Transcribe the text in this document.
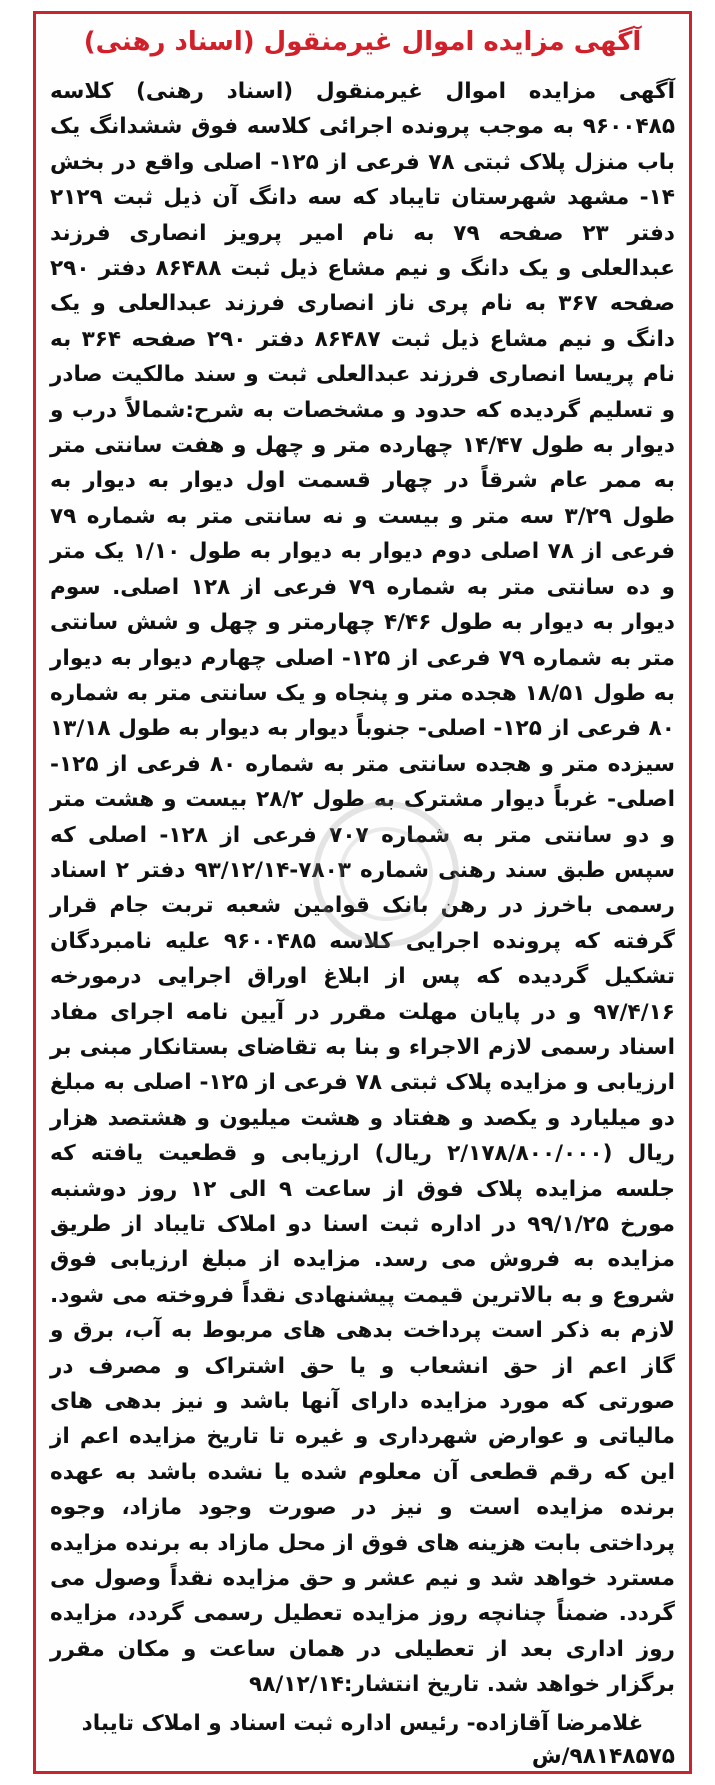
آگهی مزایده اموال غیرمنقول (اسناد رهنی)

آگهی مزایده اموال غیرمنقول (اسناد رهنی) کلاسه ۹۶۰۰۴۸۵ به موجب پرونده اجرائی کلاسه فوق ششدانگ یک باب منزل پلاک ثبتی ۷۸ فرعی از ۱۲۵- اصلی واقع در بخش ۱۴- مشهد شهرستان تایباد که سه دانگ آن ذیل ثبت ۲۱۲۹ دفتر ۲۳ صفحه ۷۹ به نام امیر پرویز انصاری فرزند عبدالعلی و یک دانگ و نیم مشاع ذیل ثبت ۸۶۴۸۸ دفتر ۲۹۰ صفحه ۳۶۷ به نام پری ناز انصاری فرزند عبدالعلی و یک دانگ و نیم مشاع ذیل ثبت ۸۶۴۸۷ دفتر ۲۹۰ صفحه ۳۶۴ به نام پریسا انصاری فرزند عبدالعلی ثبت و سند مالکیت صادر و تسلیم گردیده که حدود و مشخصات به شرح:شمالاً درب و دیوار به طول ۱۴/۴۷ چهارده متر و چهل و هفت سانتی متر به ممر عام شرقاً در چهار قسمت اول دیوار به دیوار به طول ۳/۲۹ سه متر و بیست و نه سانتی متر به شماره ۷۹ فرعی از ۷۸ اصلی دوم دیوار به دیوار به طول ۱/۱۰ یک متر و ده سانتی متر به شماره ۷۹ فرعی از ۱۲۸ اصلی. سوم دیوار به دیوار به طول ۴/۴۶ چهارمتر و چهل و شش سانتی متر به شماره ۷۹ فرعی از ۱۲۵- اصلی چهارم دیوار به دیوار به طول ۱۸/۵۱ هجده متر و پنجاه و یک سانتی متر به شماره ۸۰ فرعی از ۱۲۵- اصلی- جنوباً دیوار به دیوار به طول ۱۳/۱۸ سیزده متر و هجده سانتی متر به شماره ۸۰ فرعی از ۱۲۵- اصلی- غرباً دیوار مشترک به طول ۲۸/۲ بیست و هشت متر و دو سانتی متر به شماره ۷۰۷ فرعی از ۱۲۸- اصلی که سپس طبق سند رهنی شماره ۷۸۰۳-۹۳/۱۲/۱۴ دفتر ۲ اسناد رسمی باخرز در رهن بانک قوامین شعبه تربت جام قرار گرفته که پرونده اجرایی کلاسه ۹۶۰۰۴۸۵ علیه نامبردگان تشکیل گردیده که پس از ابلاغ اوراق اجرایی درمورخه ۹۷/۴/۱۶ و در پایان مهلت مقرر در آیین نامه اجرای مفاد اسناد رسمی لازم الاجراء و بنا به تقاضای بستانکار مبنی بر ارزیابی و مزایده پلاک ثبتی ۷۸ فرعی از ۱۲۵- اصلی به مبلغ دو میلیارد و یکصد و هفتاد و هشت میلیون و هشتصد هزار ریال (۲/۱۷۸/۸۰۰/۰۰۰ ریال) ارزیابی و قطعیت یافته که جلسه مزایده پلاک فوق از ساعت ۹ الی ۱۲ روز دوشنبه مورخ ۹۹/۱/۲۵ در اداره ثبت اسنا دو املاک تایباد از طریق مزایده به فروش می رسد. مزایده از مبلغ ارزیابی فوق شروع و به بالاترین قیمت پیشنهادی نقداً فروخته می شود. لازم به ذکر است پرداخت بدهی های مربوط به آب، برق و گاز اعم از حق انشعاب و یا حق اشتراک و مصرف در صورتی که مورد مزایده دارای آنها باشد و نیز بدهی های مالیاتی و عوارض شهرداری و غیره تا تاریخ مزایده اعم از این که رقم قطعی آن معلوم شده یا نشده باشد به عهده برنده مزایده است و نیز در صورت وجود مازاد، وجوه پرداختی بابت هزینه های فوق از محل مازاد به برنده مزایده مسترد خواهد شد و نیم عشر و حق مزایده نقداً وصول می گردد. ضمناً چنانچه روز مزایده تعطیل رسمی گردد، مزایده روز اداری بعد از تعطیلی در همان ساعت و مکان مقرر برگزار خواهد شد. تاریخ انتشار:۹۸/۱۲/۱۴

غلامرضا آقازاده- رئیس اداره ثبت اسناد و املاک تایباد
۹۸۱۴۸۵۷۵/ش
